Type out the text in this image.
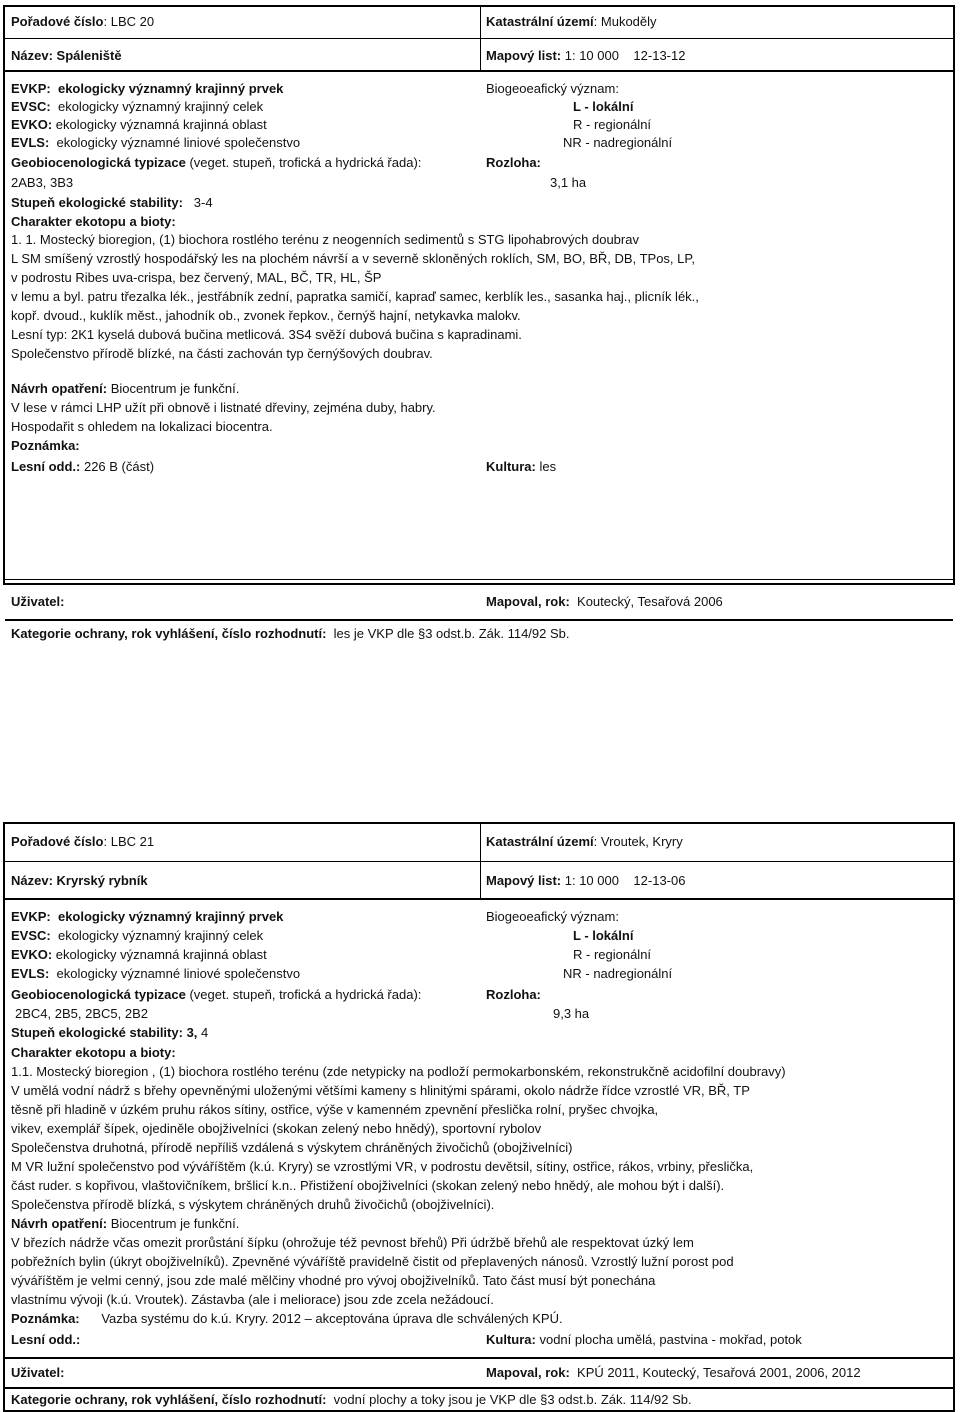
Pořadové číslo: LBC 20	Katastrální území: Mukoděly
Název: Spáleniště	Mapový list: 1: 10 000 12-13-12
EVKP: ekologicky významný krajinný prvek
EVSC: ekologicky významný krajinný celek
EVKO: ekologicky významná krajinná oblast
EVLS: ekologicky významné liniové společenstvo
Geobiocenologická typizace (veget. stupeň, trofická a hydrická řada):
2AB3, 3B3
Stupeň ekologické stability: 3-4
Charakter ekotopu a bioty:
1. 1. Mostecký bioregion, (1) biochora rostlého terénu z neogenních sedimentů s STG lipohabrových doubrav
L SM smíšený vzrostlý hospodářský les na plochém návrší a v severně skloněných roklích, SM, BO, BŘ, DB, TPos, LP,
v podrostu Ribes uva-crispa, bez červený, MAL, BČ, TR, HL, ŠP
v lemu a byl. patru třezalka lék., jestřábník zední, papratka samičí, kapraď samec, kerblík les., sasanka haj., plicník lék.,
kopř. dvoud., kuklík měst., jahodník ob., zvonek řepkov., černýš hajní, netykavka malokv.
Lesní typ: 2K1 kyselá dubová bučina metlicová. 3S4 svěží dubová bučina s kapradinami.
Společenstvo přírodě blízké, na části zachován typ černýšových doubrav.
Návrh opatření: Biocentrum je funkční.
V lese v rámci LHP užít při obnově i listnaté dřeviny, zejména duby, habry.
Hospodařit s ohledem na lokalizaci biocentra.
Poznámka:
Lesní odd.: 226 B (část)
Biogeoeafický význam:
L - lokální
R - regionální
NR - nadregionální
Rozloha:
3,1 ha
Kultura: les
Uživatel:	Mapoval, rok: Koutecký, Tesařová 2006
Kategorie ochrany, rok vyhlášení, číslo rozhodnutí: les je VKP dle §3 odst.b. Zák. 114/92 Sb.
Pořadové číslo: LBC 21	Katastrální území: Vroutek, Kryry
Název: Kryrský rybník	Mapový list: 1: 10 000 12-13-06
EVKP: ekologicky významný krajinný prvek
EVSC: ekologicky významný krajinný celek
EVKO: ekologicky významná krajinná oblast
EVLS: ekologicky významné liniové společenstvo
Geobiocenologická typizace (veget. stupeň, trofická a hydrická řada):
2BC4, 2B5, 2BC5, 2B2
Stupeň ekologické stability: 3, 4
Charakter ekotopu a bioty:
1.1. Mostecký bioregion , (1) biochora rostlého terénu (zde netypicky na podloží permokarbonském, rekonstrukčně acidofilní doubravy)
V umělá vodní nádrž s břehy opevněnými uloženými většími kameny s hlinitými spárami, okolo nádrže řídce vzrostlé VR, BŘ, TP
těsně při hladině v úzkém pruhu rákos sítiny, ostřice, výše v kamenném zpevnění přeslička rolní, pryšec chvojka,
vikev, exemplář šípek, ojediněle obojživelníci (skokan zelený nebo hnědý), sportovní rybolov
Společenstva druhotná, přírodě nepříliš vzdálená s výskytem chráněných živočichů (obojživelníci)
M VR lužní společenstvo pod výváříštěm (k.ú. Kryry) se vzrostlými VR, v podrostu devětsil, sítiny, ostřice, rákos, vrbiny, přeslička,
část ruder. s kopřivou, vlaštovičníkem, bršlicí k.n.. Přistižení obojživelníci (skokan zelený nebo hnědý, ale mohou být i další).
Společenstva přírodě blízká, s výskytem chráněných druhů živočichů (obojživelníci).
Návrh opatření: Biocentrum je funkční.
V březích nádrže včas omezit prorůstání šípku (ohrožuje též pevnost břehů) Při údržbě břehů ale respektovat úzký lem
pobřežních bylin (úkryt obojživelníků). Zpevněné výváříště pravidelně čistit od přeplavených nánosů. Vzrostlý lužní porost pod
výváříštěm je velmi cenný, jsou zde malé mělčiny vhodné pro vývoj obojživelníků. Tato část musí být ponechána
vlastnímu vývoji (k.ú. Vroutek). Zástavba (ale i meliorace) jsou zde zcela nežádoucí.
Poznámka: Vazba systému do k.ú. Kryry. 2012 – akceptována úprava dle schválených KPÚ.
Lesní odd.:
Biogeoeafický význam:
L - lokální
R - regionální
NR - nadregionální
Rozloha:
9,3 ha
Kultura: vodní plocha umělá, pastvina - mokřad, potok
Uživatel:	Mapoval, rok: KPÚ 2011, Koutecký, Tesařová 2001, 2006, 2012
Kategorie ochrany, rok vyhlášení, číslo rozhodnutí: vodní plochy a toky jsou je VKP dle §3 odst.b. Zák. 114/92 Sb.
